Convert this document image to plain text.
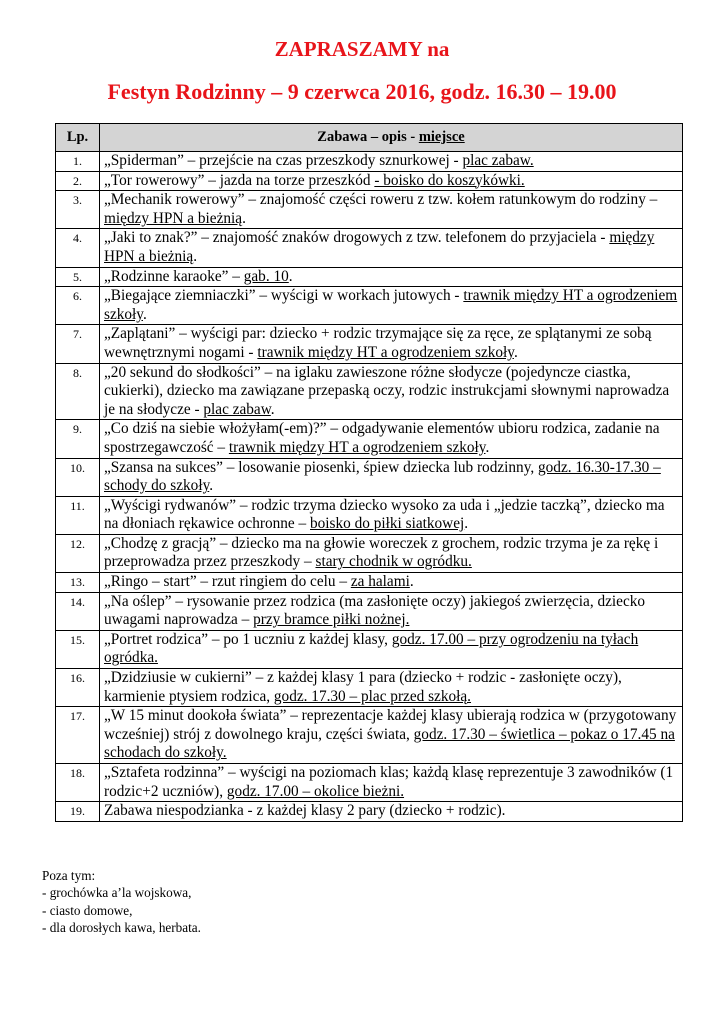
ZAPRASZAMY na
Festyn Rodzinny – 9 czerwca 2016, godz. 16.30 – 19.00
Lp.	Zabawa – opis - miejsce
1.	„Spiderman” – przejście na czas przeszkody sznurkowej - plac zabaw.
2.	„Tor rowerowy” – jazda na torze przeszkód - boisko do koszykówki.
3.	„Mechanik rowerowy” – znajomość części roweru z tzw. kołem ratunkowym do rodziny – między HPN a bieżnią.
4.	„Jaki to znak?” – znajomość znaków drogowych z tzw. telefonem do przyjaciela - między HPN a bieżnią.
5.	„Rodzinne karaoke” – gab. 10.
6.	„Biegające ziemniaczki” – wyścigi w workach jutowych - trawnik między HT a ogrodzeniem szkoły.
7.	„Zaplątani” – wyścigi par: dziecko + rodzic trzymające się za ręce, ze splątanymi ze sobą wewnętrznymi nogami - trawnik między HT a ogrodzeniem szkoły.
8.	„20 sekund do słodkości” – na iglaku zawieszone różne słodycze (pojedyncze ciastka, cukierki), dziecko ma zawiązane przepaską oczy, rodzic instrukcjami słownymi naprowadza je na słodycze - plac zabaw.
9.	„Co dziś na siebie włożyłam(-em)?” – odgadywanie elementów ubioru rodzica, zadanie na spostrzegawczość – trawnik między HT a ogrodzeniem szkoły.
10.	„Szansa na sukces” – losowanie piosenki, śpiew dziecka lub rodzinny, godz. 16.30-17.30 – schody do szkoły.
11.	„Wyścigi rydwanów” – rodzic trzyma dziecko wysoko za uda i „jedzie taczką”, dziecko ma na dłoniach rękawice ochronne – boisko do piłki siatkowej.
12.	„Chodzę z gracją” – dziecko ma na głowie woreczek z grochem, rodzic trzyma je za rękę i przeprowadza przez przeszkody – stary chodnik w ogródku.
13.	„Ringo – start” – rzut ringiem do celu – za halami.
14.	„Na oślep” – rysowanie przez rodzica (ma zasłonięte oczy) jakiegoś zwierzęcia, dziecko uwagami naprowadza – przy bramce piłki nożnej.
15.	„Portret rodzica” – po 1 uczniu z każdej klasy, godz. 17.00 – przy ogrodzeniu na tyłach ogródka.
16.	„Dzidziusie w cukierni” – z każdej klasy 1 para (dziecko + rodzic - zasłonięte oczy), karmienie ptysiem rodzica, godz. 17.30 – plac przed szkołą.
17.	„W 15 minut dookoła świata” – reprezentacje każdej klasy ubierają rodzica w (przygotowany wcześniej) strój z dowolnego kraju, części świata, godz. 17.30 – świetlica – pokaz o 17.45 na schodach do szkoły.
18.	„Sztafeta rodzinna” – wyścigi na poziomach klas; każdą klasę reprezentuje 3 zawodników (1 rodzic+2 uczniów), godz. 17.00 – okolice bieżni.
19.	Zabawa niespodzianka - z każdej klasy 2 pary (dziecko + rodzic).
Poza tym:
- grochówka a’la wojskowa,
- ciasto domowe,
- dla dorosłych kawa, herbata.
